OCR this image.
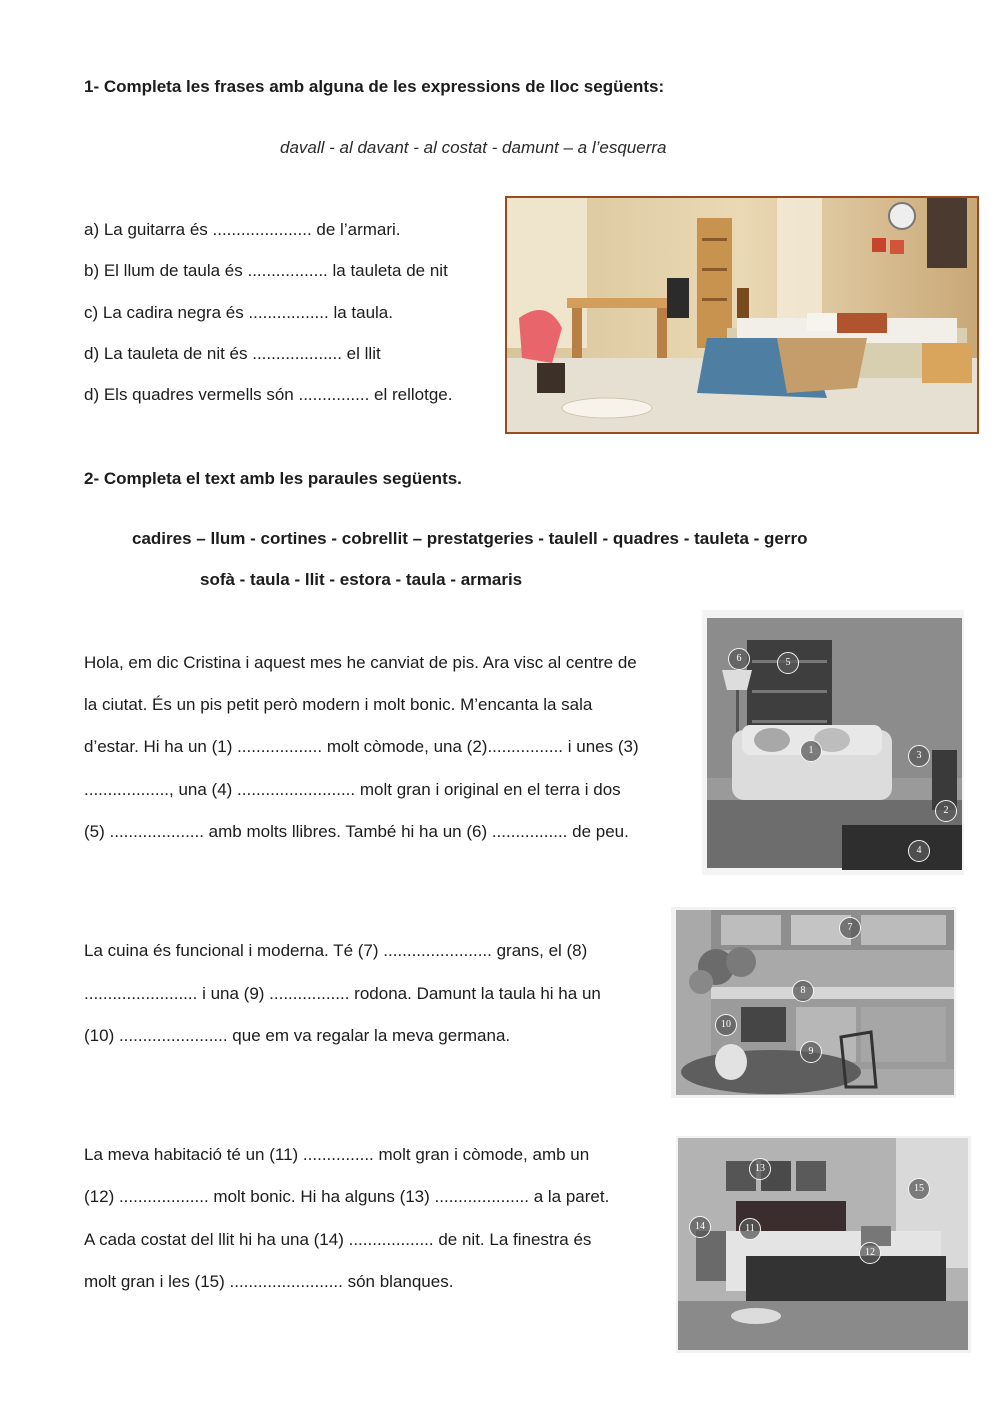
1- Completa les frases amb alguna de les expressions de lloc següents:
davall - al davant - al costat - damunt – a l’esquerra
a) La guitarra és ..................... de l’armari.
b) El llum de taula és ................. la tauleta de nit
c) La cadira negra és ................. la taula.
d) La tauleta de nit és ................... el llit
d) Els quadres vermells són ............... el rellotge.
2- Completa el text amb les paraules següents.
cadires – llum - cortines - cobrellit – prestatgeries - taulell - quadres - tauleta - gerro
sofà - taula - llit - estora - taula - armaris
Hola, em dic Cristina i aquest mes he canviat de pis. Ara visc al centre de
la ciutat. És un pis petit però modern i molt bonic. M’encanta la sala
d’estar. Hi ha un (1) .................. molt còmode, una (2)................ i unes (3)
.................., una (4) ......................... molt gran i original en el terra i dos
(5) .................... amb molts llibres. També hi ha un (6) ................ de peu.
6	5
1	3
2
4
La cuina és funcional i moderna. Té (7) ....................... grans, el (8)
........................ i una (9) ................. rodona. Damunt la taula hi ha un
(10) ....................... que em va regalar la meva germana.
7
8
10
9
La meva habitació té un (11) ............... molt gran i còmode, amb un
(12) ................... molt bonic. Hi ha alguns (13) .................... a la paret.
A cada costat del llit hi ha una (14) .................. de nit. La finestra és
molt gran i les (15) ........................ són blanques.
13
15
14	11
12
